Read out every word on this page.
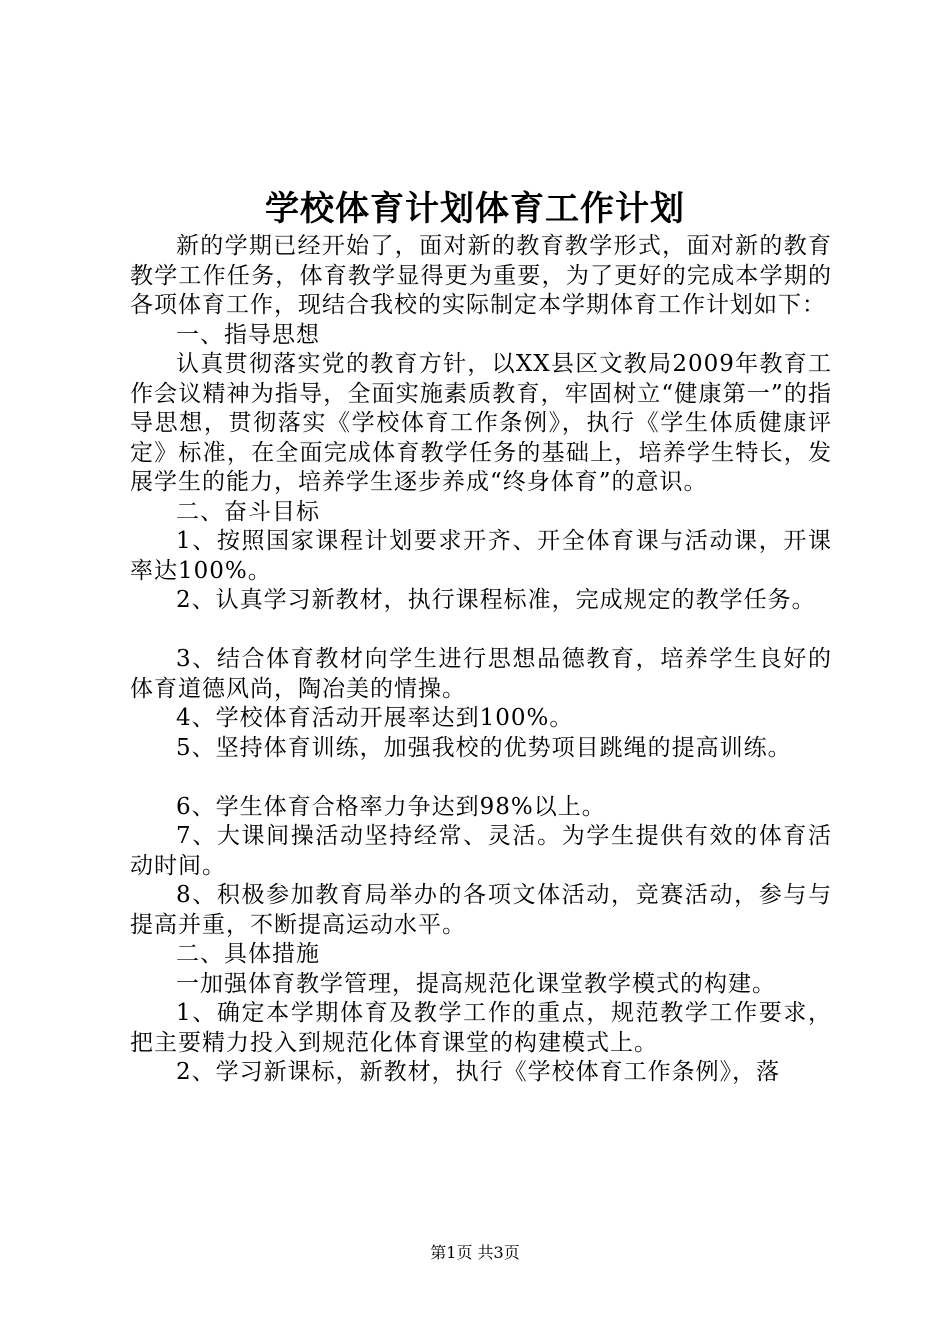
学校体育计划体育工作计划

新的学期已经开始了，面对新的教育教学形式，面对新的教育教学工作任务，体育教学显得更为重要，为了更好的完成本学期的各项体育工作，现结合我校的实际制定本学期体育工作计划如下：

一、指导思想

认真贯彻落实党的教育方针，以XX县区文教局2009年教育工作会议精神为指导，全面实施素质教育，牢固树立“健康第一”的指导思想，贯彻落实《学校体育工作条例》，执行《学生体质健康评定》标准，在全面完成体育教学任务的基础上，培养学生特长，发展学生的能力，培养学生逐步养成“终身体育”的意识。

二、奋斗目标

1、按照国家课程计划要求开齐、开全体育课与活动课，开课率达100%。

2、认真学习新教材，执行课程标准，完成规定的教学任务。

3、结合体育教材向学生进行思想品德教育，培养学生良好的体育道德风尚，陶冶美的情操。

4、学校体育活动开展率达到100%。

5、坚持体育训练，加强我校的优势项目跳绳的提高训练。

6、学生体育合格率力争达到98%以上。

7、大课间操活动坚持经常、灵活。为学生提供有效的体育活动时间。

8、积极参加教育局举办的各项文体活动，竞赛活动，参与与提高并重，不断提高运动水平。

二、具体措施

一加强体育教学管理，提高规范化课堂教学模式的构建。

1、确定本学期体育及教学工作的重点，规范教学工作要求，把主要精力投入到规范化体育课堂的构建模式上。

2、学习新课标，新教材，执行《学校体育工作条例》，落

第1页 共3页
